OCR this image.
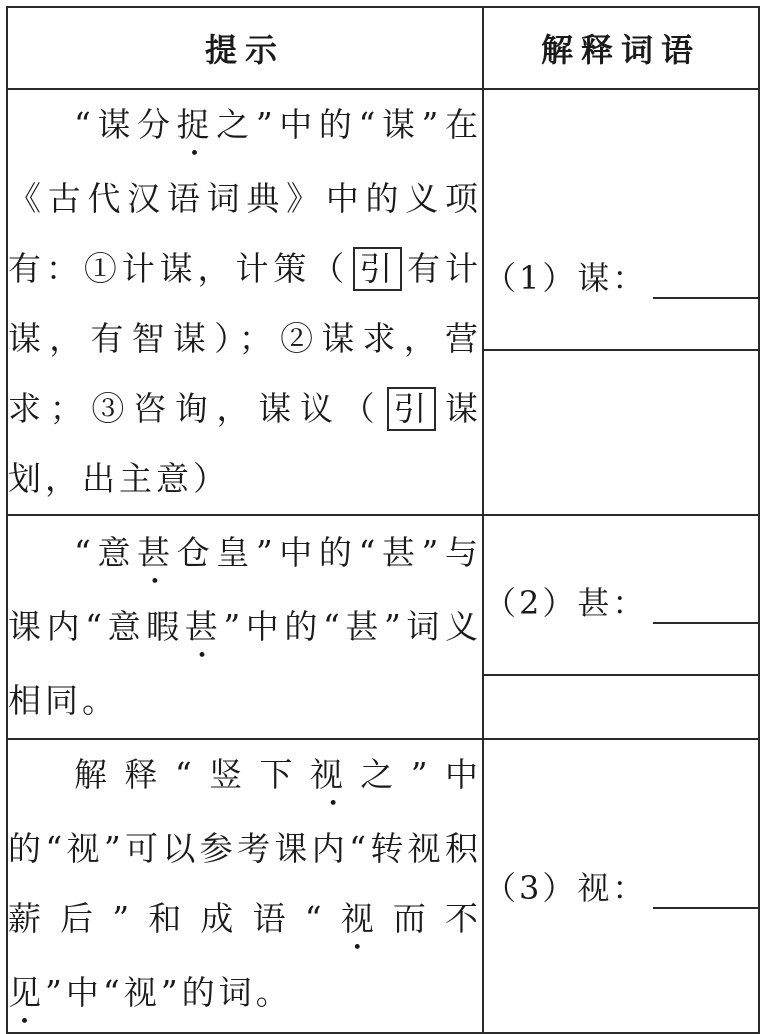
提示	解释词语

“谋分捉之”中的“谋”在《古代汉语词典》中的义项有：①计谋，计策（ 引 有计谋，有智谋）；②谋求，营求；③咨询，谋议（ 引 谋划，出主意）	（1）谋：

“意甚仓皇”中的“甚”与课内“意暇甚”中的“甚”词义相同。	（2）甚：

解释“竖下视之”中的“视”可以参考课内“转视积薪后”和成语“视而不见”中“视”的词。	（3）视：
